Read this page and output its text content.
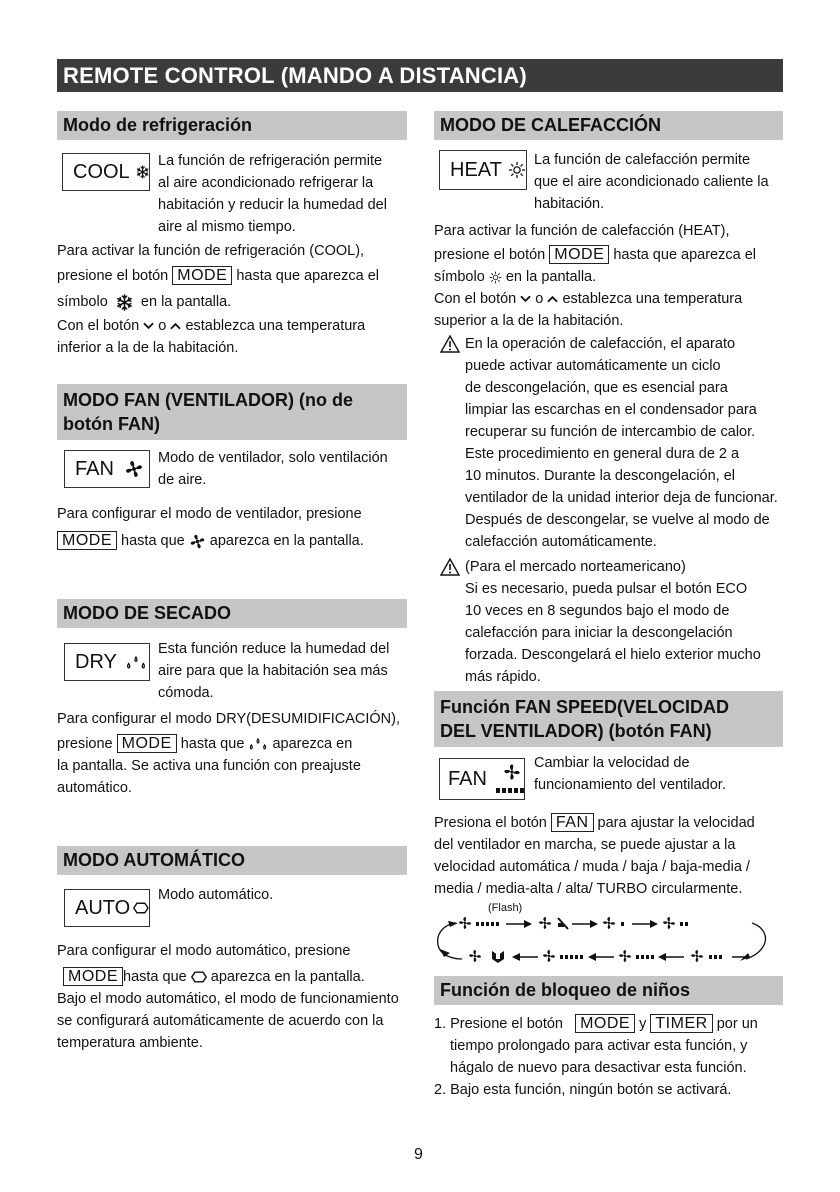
REMOTE CONTROL (MANDO A DISTANCIA)
Modo de refrigeración
COOL La función de refrigeración permite

al aire acondicionado refrigerar la

habitación y reducir la humedad del

aire al mismo tiempo.

Para activar la función de refrigeración (COOL),

presione el botón MODE hasta que aparezca el

símbolo en la pantalla.

Con el botón o establezca una temperatura

inferior a la de la habitación.

MODO FAN (VENTILADOR) (no de
botón FAN)
FAN	Modo de ventilador, solo ventilación

de aire.

Para configurar el modo de ventilador, presione

MODE hasta que aparezca en la pantalla.

MODO DE SECADO
DRY

Esta función reduce la humedad del

aire para que la habitación sea más

cómoda.

Para configurar el modo DRY(DESUMIDIFICACIÓN),

presione MODE hasta que aparezca en

la pantalla. Se activa una función con preajuste

automático.

MODO AUTOMÁTICO
AUTO
Modo automático.

Para configurar el modo automático, presione

MODE hasta que aparezca en la pantalla.

Bajo el modo automático, el modo de funcionamiento

se configurará automáticamente de acuerdo con la

temperatura ambiente.

MODO DE CALEFACCIÓN
HEAT La función de calefacción permite

que el aire acondicionado caliente la

habitación.

Para activar la función de calefacción (HEAT),

presione el botón MODE hasta que aparezca el

símbolo en la pantalla.

Con el botón o establezca una temperatura

superior a la de la habitación.

En la operación de calefacción, el aparato

puede activar automáticamente un ciclo

de descongelación, que es esencial para

limpiar las escarchas en el condensador para

recuperar su función de intercambio de calor.

Este procedimiento en general dura de 2 a

10 minutos. Durante la descongelación, el

ventilador de la unidad interior deja de funcionar.

Después de descongelar, se vuelve al modo de

calefacción automáticamente.

(Para el mercado norteamericano)

Si es necesario, pueda pulsar el botón ECO

10 veces en 8 segundos bajo el modo de

calefacción para iniciar la descongelación

forzada. Descongelará el hielo exterior mucho

más rápido.

Función FAN SPEED(VELOCIDAD
DEL VENTILADOR) (botón FAN)
FAN

Cambiar la velocidad de

funcionamiento del ventilador.

Presiona el botón FAN para ajustar la velocidad

del ventilador en marcha, se puede ajustar a la

velocidad automática / muda / baja / baja-media /

media / media-alta / alta/ TURBO circularmente.

(Flash)
Función de bloqueo de niños

1. Presione el botón MODE y TIMER por un

tiempo prolongado para activar esta función, y

hágalo de nuevo para desactivar esta función.

2. Bajo esta función, ningún botón se activará.

9
